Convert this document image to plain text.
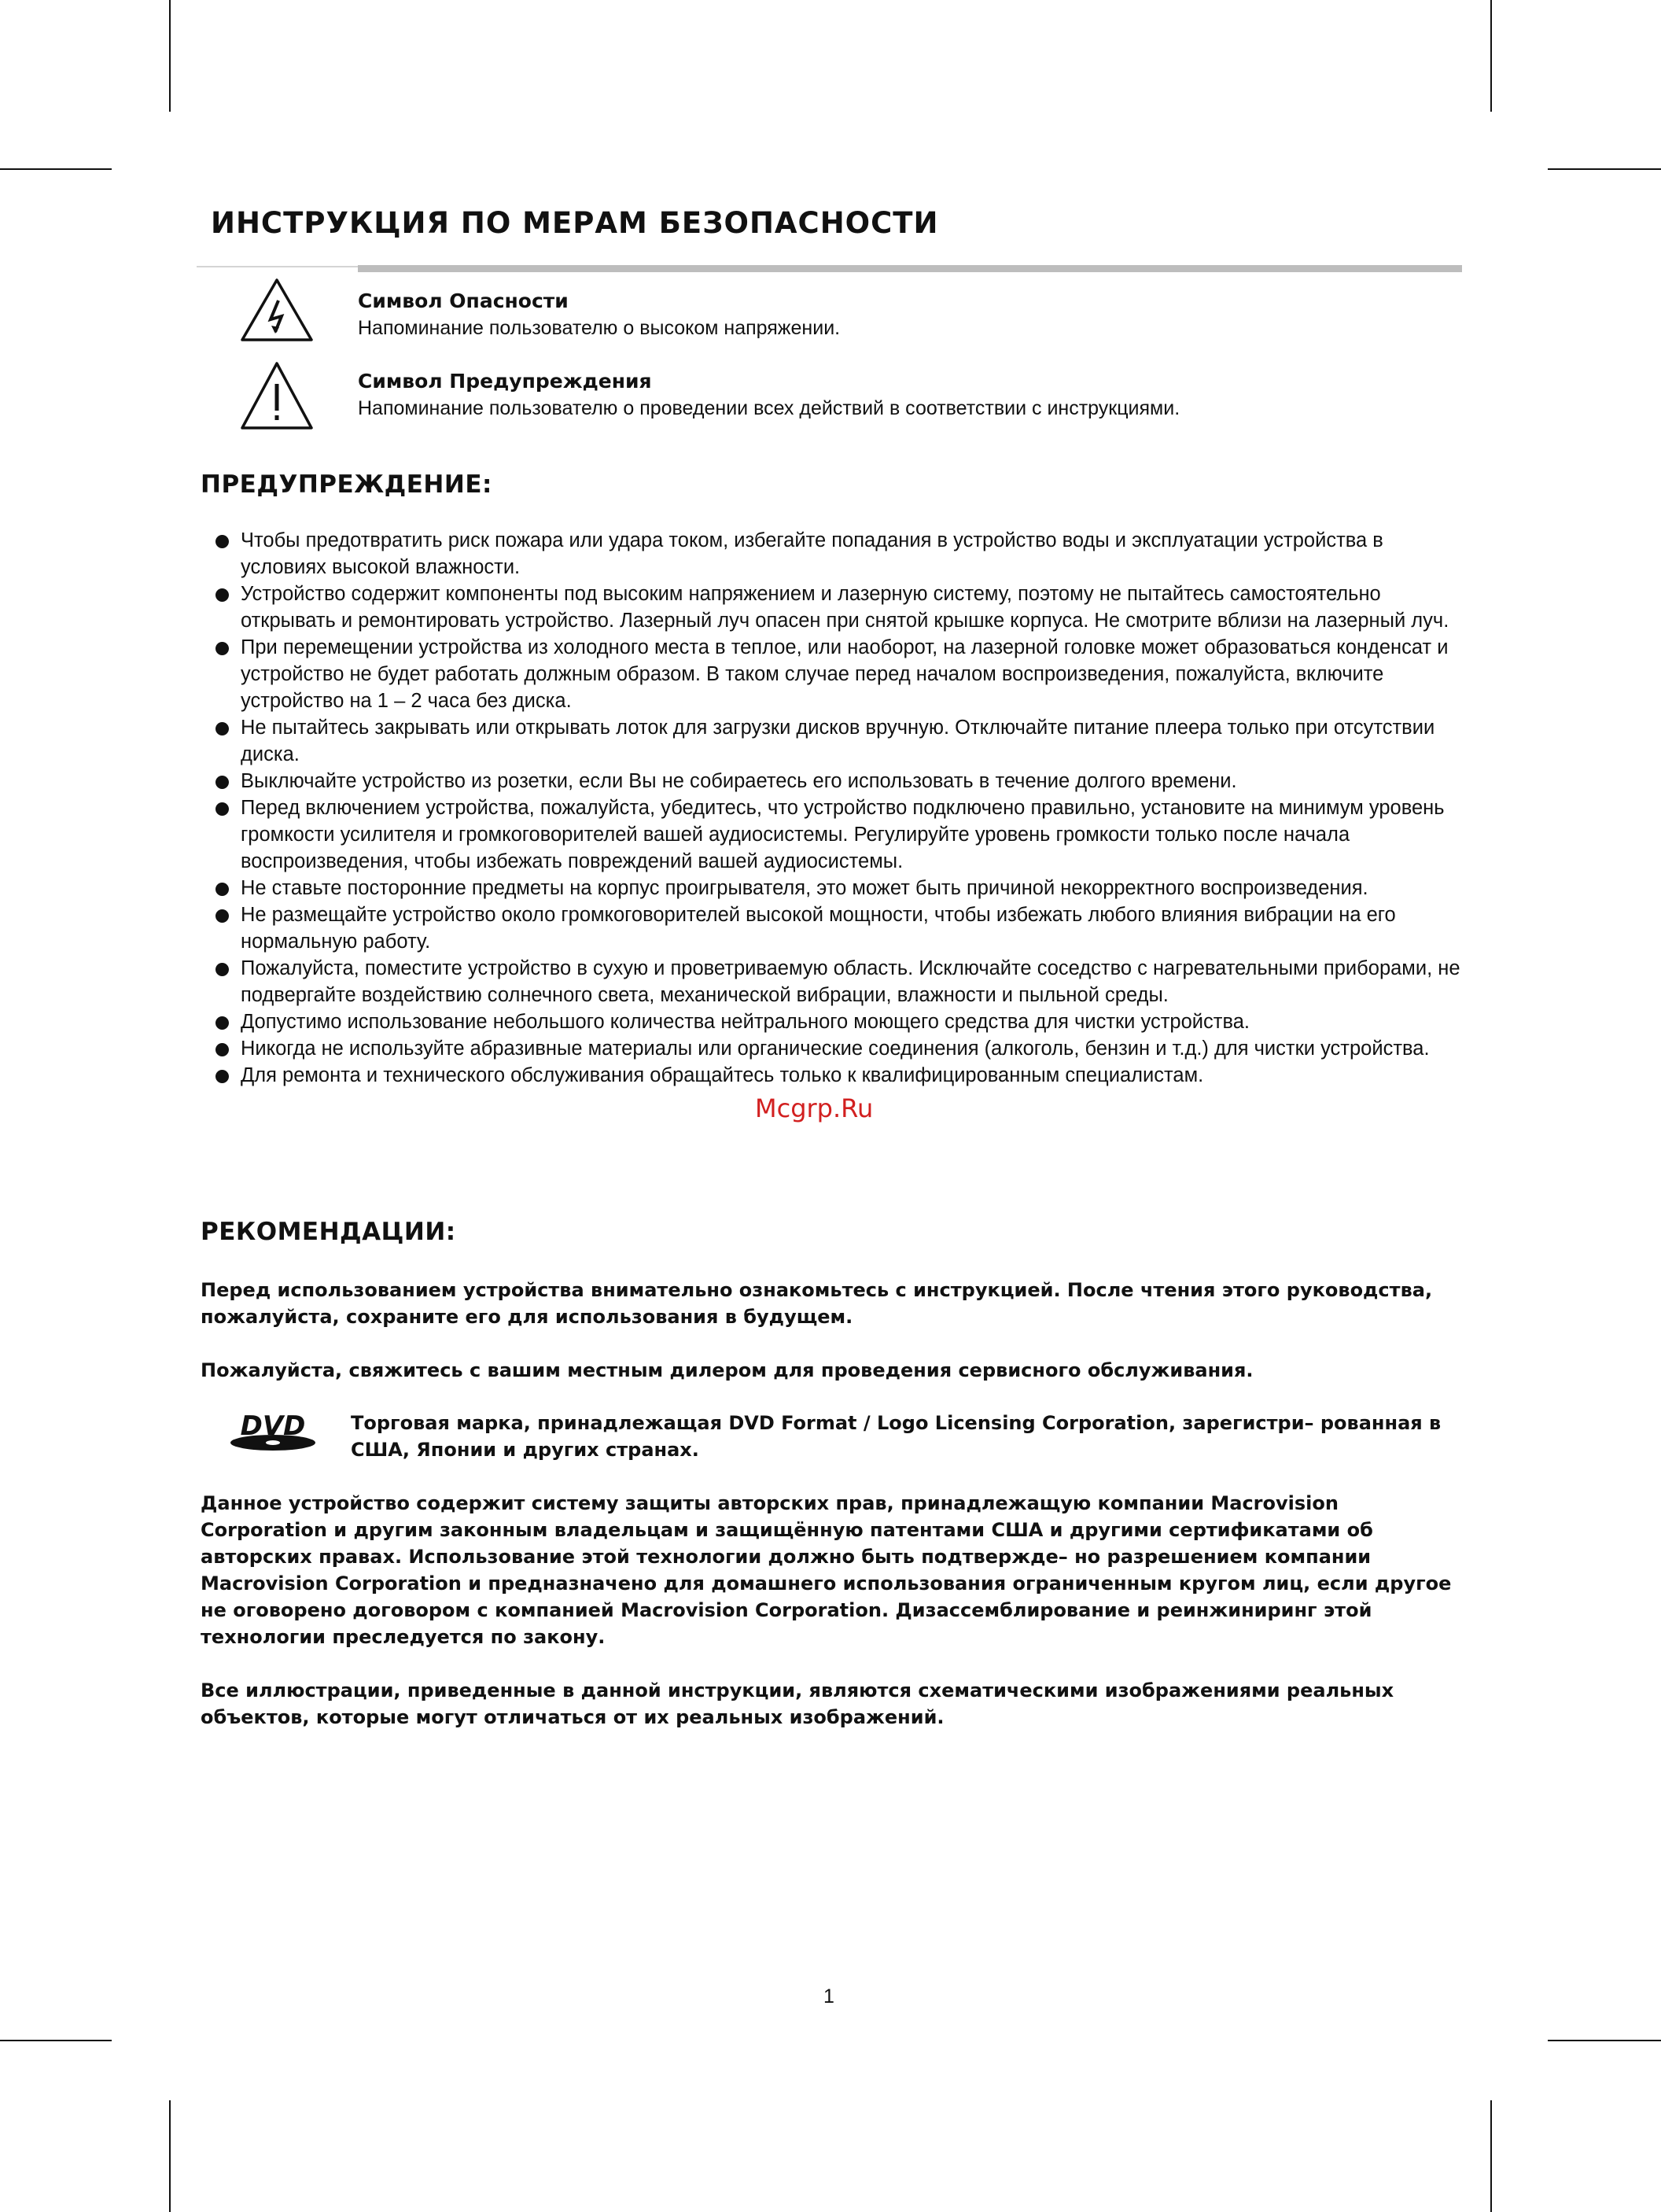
ИНСТРУКЦИЯ ПО МЕРАМ БЕЗОПАСНОСТИ
Символ Опасности
Напоминание пользователю о высоком напряжении.
Символ Предупреждения
Напоминание пользователю о проведении всех действий в соответствии с инструкциями.
ПРЕДУПРЕЖДЕНИЕ:
Чтобы предотвратить риск пожара или удара током, избегайте попадания в устройство воды и эксплуатации устройства в условиях высокой влажности.
Устройство содержит компоненты под высоким напряжением и лазерную систему, поэтому не пытайтесь самостоятельно открывать и ремонтировать устройство. Лазерный луч опасен при снятой крышке корпуса. Не смотрите вблизи на лазерный луч.
При перемещении устройства из холодного места в теплое, или наоборот, на лазерной головке может образоваться конденсат и устройство не будет работать должным образом. В таком случае перед началом воспроизведения, пожалуйста, включите устройство на 1 – 2 часа без диска.
Не пытайтесь закрывать или открывать лоток для загрузки дисков вручную. Отключайте питание плеера только при отсутствии диска.
Выключайте устройство из розетки, если Вы не собираетесь его использовать в течение долгого времени.
Перед включением устройства, пожалуйста, убедитесь, что устройство подключено правильно, установите на минимум уровень громкости усилителя и громкоговорителей вашей аудиосистемы. Регулируйте уровень громкости только после начала воспроизведения, чтобы избежать повреждений вашей аудиосистемы.
Не ставьте посторонние предметы на корпус проигрывателя, это может быть причиной некорректного воспроизведения.
Не размещайте устройство около громкоговорителей высокой мощности, чтобы избежать любого влияния вибрации на его нормальную работу.
Пожалуйста, поместите устройство в сухую и проветриваемую область. Исключайте соседство с нагревательными приборами, не подвергайте воздействию солнечного света, механической вибрации, влажности и пыльной среды.
Допустимо использование небольшого количества нейтрального моющего средства для чистки устройства.
Никогда не используйте абразивные материалы или органические соединения (алкоголь, бензин и т.д.) для чистки устройства.
Для ремонта и технического обслуживания обращайтесь только к квалифицированным специалистам.
Mcgrp.Ru
РЕКОМЕНДАЦИИ:
Перед использованием устройства внимательно ознакомьтесь с инструкцией. После чтения этого руководства, пожалуйста, сохраните его для использования в будущем.
Пожалуйста, свяжитесь с вашим местным дилером для проведения сервисного обслуживания.
DVD Торговая марка, принадлежащая DVD Format / Logo Licensing Corporation, зарегистри– рованная в США, Японии и других странах.
Данное устройство содержит систему защиты авторских прав, принадлежащую компании Macrovision Corporation и другим законным владельцам и защищённую патентами США и другими сертификатами об авторских правах. Использование этой технологии должно быть подтвержде– но разрешением компании Macrovision Corporation и предназначено для домашнего использования ограниченным кругом лиц, если другое не оговорено договором с компанией Macrovision Corporation. Дизассемблирование и реинжиниринг этой технологии преследуется по закону.
Все иллюстрации, приведенные в данной инструкции, являются схематическими изображениями реальных объектов, которые могут отличаться от их реальных изображений.
1
